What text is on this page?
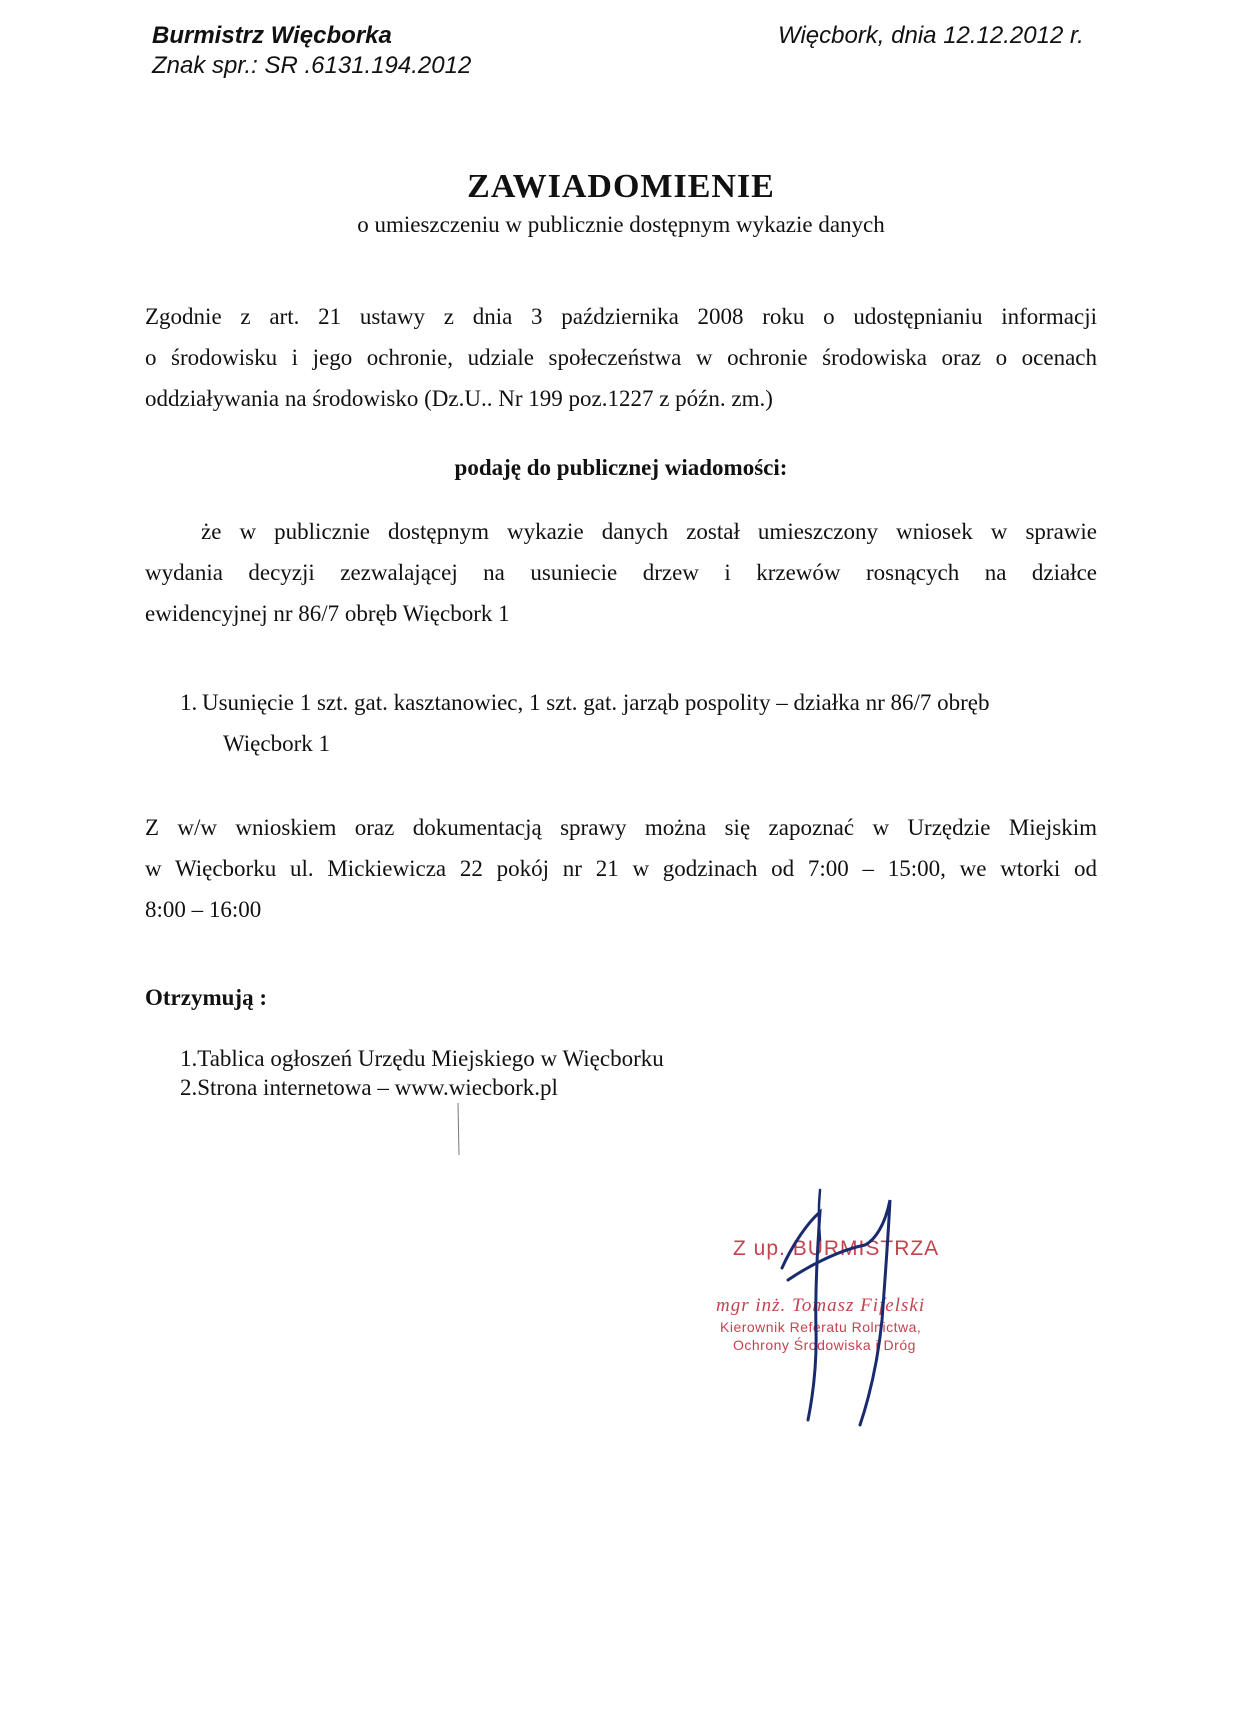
Burmistrz Więcborka
Znak spr.: SR .6131.194.2012
Więcbork, dnia 12.12.2012 r.
ZAWIADOMIENIE
o umieszczeniu w publicznie dostępnym wykazie danych
Zgodnie z art. 21 ustawy z dnia 3 października 2008 roku o udostępnianiu informacji
o środowisku i jego ochronie, udziale społeczeństwa w ochronie środowiska oraz o ocenach
oddziaływania na środowisko (Dz.U.. Nr 199 poz.1227 z późn. zm.)
podaję do publicznej wiadomości:
że w publicznie dostępnym wykazie danych został umieszczony wniosek w sprawie
wydania decyzji zezwalającej na usuniecie drzew i krzewów rosnących na działce
ewidencyjnej nr 86/7 obręb Więcbork 1
1. Usunięcie 1 szt. gat. kasztanowiec, 1 szt. gat. jarząb pospolity – działka nr 86/7 obręb
Więcbork 1
Z w/w wnioskiem oraz dokumentacją sprawy można się zapoznać w Urzędzie Miejskim
w Więcborku ul. Mickiewicza 22 pokój nr 21 w godzinach od 7:00 – 15:00, we wtorki od
8:00 – 16:00
Otrzymują :
1.Tablica ogłoszeń Urzędu Miejskiego w Więcborku
2.Strona internetowa – www.wiecbork.pl
Z up. BURMISTRZA
mgr inż. Tomasz Fifelski
Kierownik Referatu Rolnictwa,
Ochrony Środowiska i Dróg
